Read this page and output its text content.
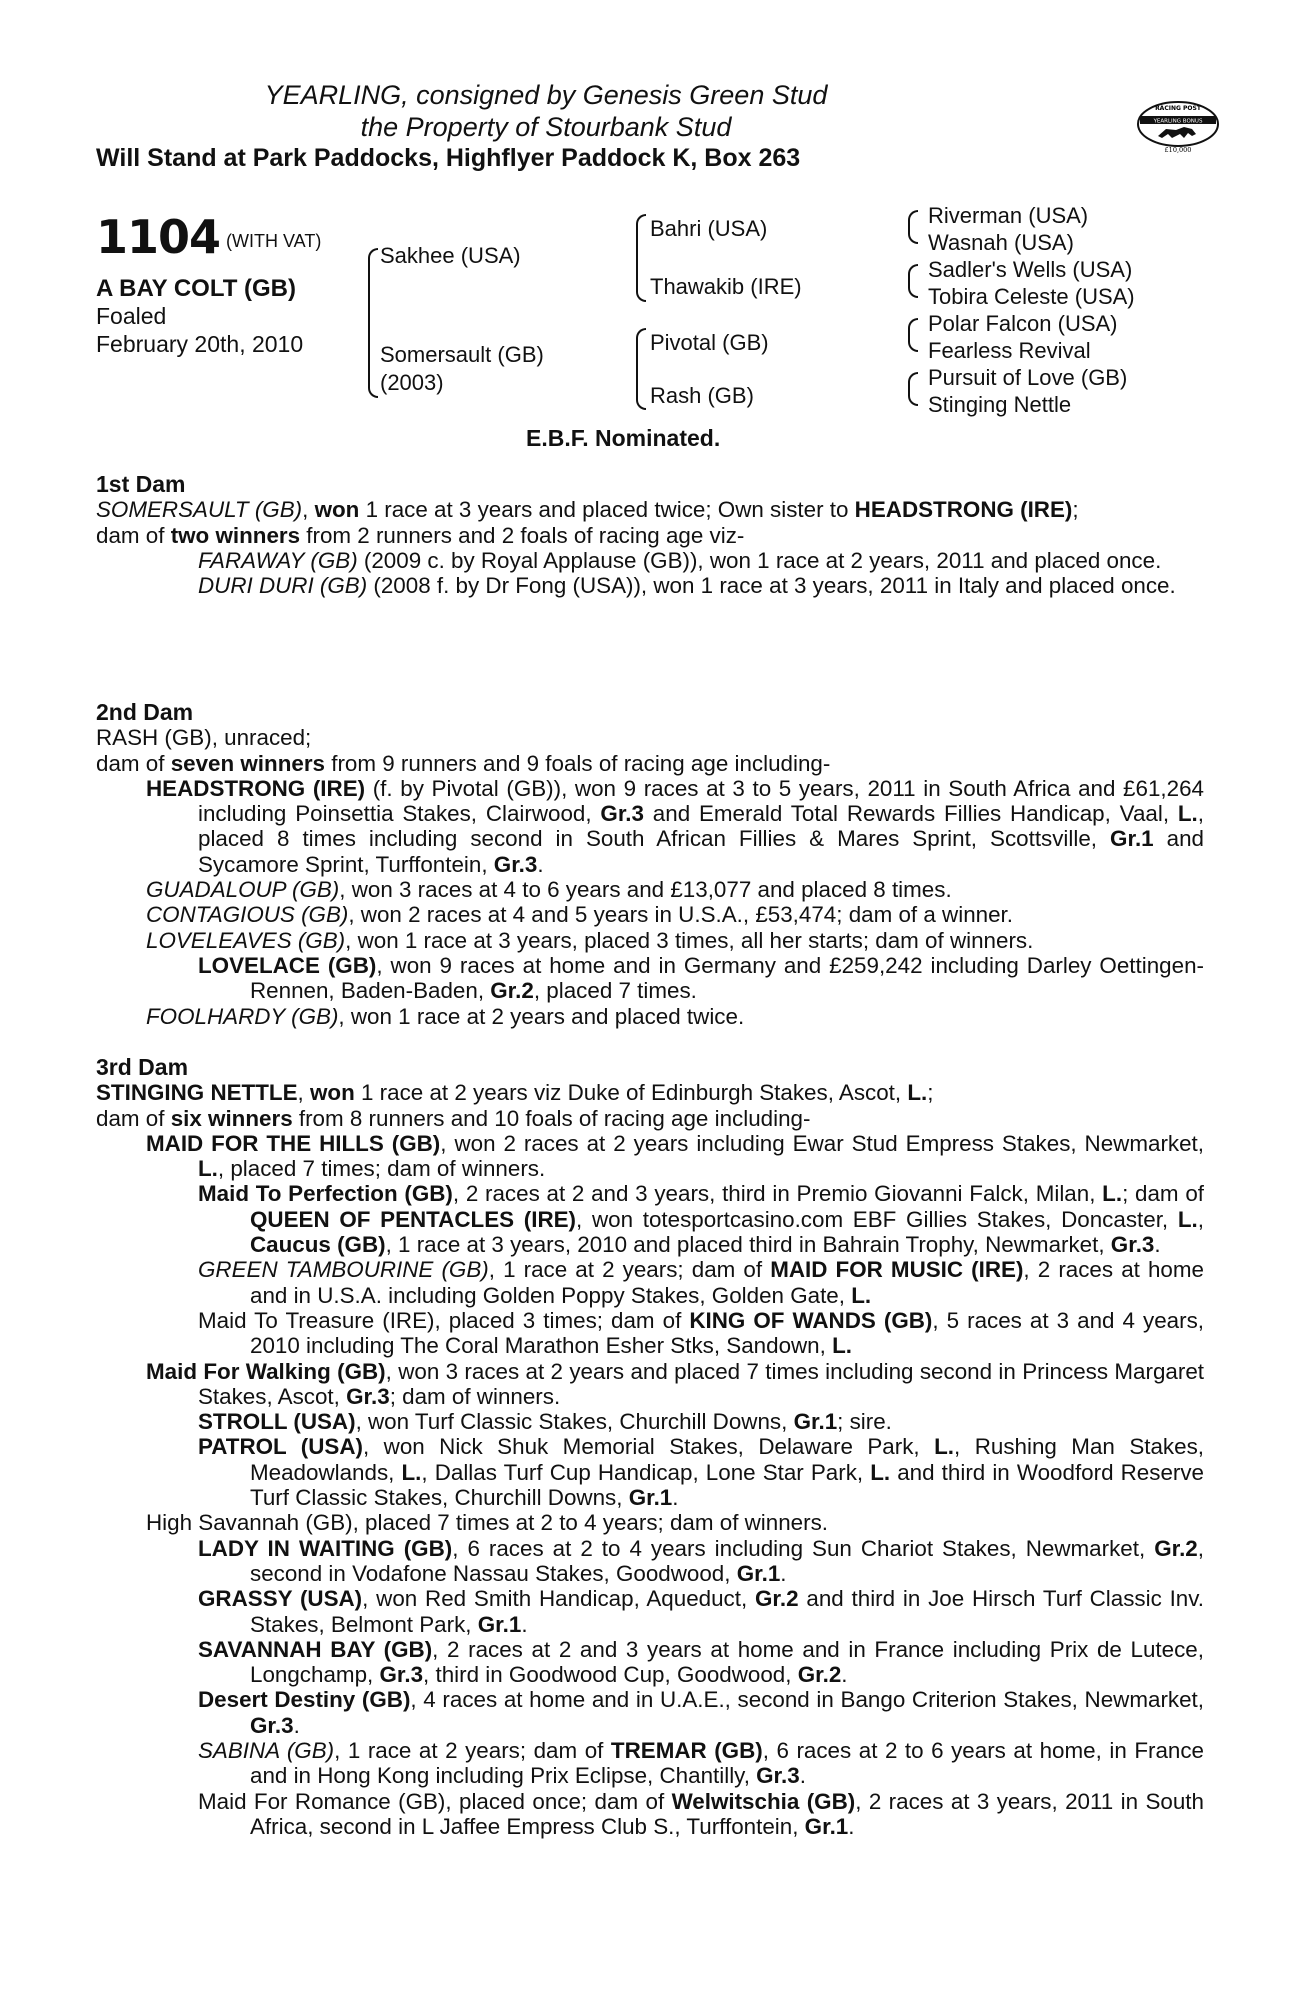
YEARLING, consigned by Genesis Green Stud
the Property of Stourbank Stud
Will Stand at Park Paddocks, Highflyer Paddock K, Box 263
RACING POST
YEARLING BONUS
£10,000
1104 (WITH VAT)
A BAY COLT (GB)
Foaled
February 20th, 2010
Sakhee (USA)
Somersault (GB)
(2003)
Bahri (USA)
Thawakib (IRE)
Pivotal (GB)
Rash (GB)
Riverman (USA)
Wasnah (USA)
Sadler's Wells (USA)
Tobira Celeste (USA)
Polar Falcon (USA)
Fearless Revival
Pursuit of Love (GB)
Stinging Nettle
E.B.F. Nominated.
1st Dam

SOMERSAULT (GB), won 1 race at 3 years and placed twice; Own sister to HEADSTRONG (IRE);

dam of two winners from 2 runners and 2 foals of racing age viz-

FARAWAY (GB) (2009 c. by Royal Applause (GB)), won 1 race at 2 years, 2011 and placed once.

DURI DURI (GB) (2008 f. by Dr Fong (USA)), won 1 race at 3 years, 2011 in Italy and placed once.

2nd Dam

RASH (GB), unraced;

dam of seven winners from 9 runners and 9 foals of racing age including-

HEADSTRONG (IRE) (f. by Pivotal (GB)), won 9 races at 3 to 5 years, 2011 in South Africa and £61,264 including Poinsettia Stakes, Clairwood, Gr.3 and Emerald Total Rewards Fillies Handicap, Vaal, L., placed 8 times including second in South African Fillies & Mares Sprint, Scottsville, Gr.1 and Sycamore Sprint, Turffontein, Gr.3.

GUADALOUP (GB), won 3 races at 4 to 6 years and £13,077 and placed 8 times.

CONTAGIOUS (GB), won 2 races at 4 and 5 years in U.S.A., £53,474; dam of a winner.

LOVELEAVES (GB), won 1 race at 3 years, placed 3 times, all her starts; dam of winners.

LOVELACE (GB), won 9 races at home and in Germany and £259,242 including Darley Oettingen-Rennen, Baden-Baden, Gr.2, placed 7 times.

FOOLHARDY (GB), won 1 race at 2 years and placed twice.

3rd Dam

STINGING NETTLE, won 1 race at 2 years viz Duke of Edinburgh Stakes, Ascot, L.;

dam of six winners from 8 runners and 10 foals of racing age including-

MAID FOR THE HILLS (GB), won 2 races at 2 years including Ewar Stud Empress Stakes, Newmarket, L., placed 7 times; dam of winners.

Maid To Perfection (GB), 2 races at 2 and 3 years, third in Premio Giovanni Falck, Milan, L.; dam of QUEEN OF PENTACLES (IRE), won totesportcasino.com EBF Gillies Stakes, Doncaster, L., Caucus (GB), 1 race at 3 years, 2010 and placed third in Bahrain Trophy, Newmarket, Gr.3.

GREEN TAMBOURINE (GB), 1 race at 2 years; dam of MAID FOR MUSIC (IRE), 2 races at home and in U.S.A. including Golden Poppy Stakes, Golden Gate, L.

Maid To Treasure (IRE), placed 3 times; dam of KING OF WANDS (GB), 5 races at 3 and 4 years, 2010 including The Coral Marathon Esher Stks, Sandown, L.

Maid For Walking (GB), won 3 races at 2 years and placed 7 times including second in Princess Margaret Stakes, Ascot, Gr.3; dam of winners.

STROLL (USA), won Turf Classic Stakes, Churchill Downs, Gr.1; sire.

PATROL (USA), won Nick Shuk Memorial Stakes, Delaware Park, L., Rushing Man Stakes, Meadowlands, L., Dallas Turf Cup Handicap, Lone Star Park, L. and third in Woodford Reserve Turf Classic Stakes, Churchill Downs, Gr.1.

High Savannah (GB), placed 7 times at 2 to 4 years; dam of winners.

LADY IN WAITING (GB), 6 races at 2 to 4 years including Sun Chariot Stakes, Newmarket, Gr.2, second in Vodafone Nassau Stakes, Goodwood, Gr.1.

GRASSY (USA), won Red Smith Handicap, Aqueduct, Gr.2 and third in Joe Hirsch Turf Classic Inv. Stakes, Belmont Park, Gr.1.

SAVANNAH BAY (GB), 2 races at 2 and 3 years at home and in France including Prix de Lutece, Longchamp, Gr.3, third in Goodwood Cup, Goodwood, Gr.2.

Desert Destiny (GB), 4 races at home and in U.A.E., second in Bango Criterion Stakes, Newmarket, Gr.3.

SABINA (GB), 1 race at 2 years; dam of TREMAR (GB), 6 races at 2 to 6 years at home, in France and in Hong Kong including Prix Eclipse, Chantilly, Gr.3.

Maid For Romance (GB), placed once; dam of Welwitschia (GB), 2 races at 3 years, 2011 in South Africa, second in L Jaffee Empress Club S., Turffontein, Gr.1.
